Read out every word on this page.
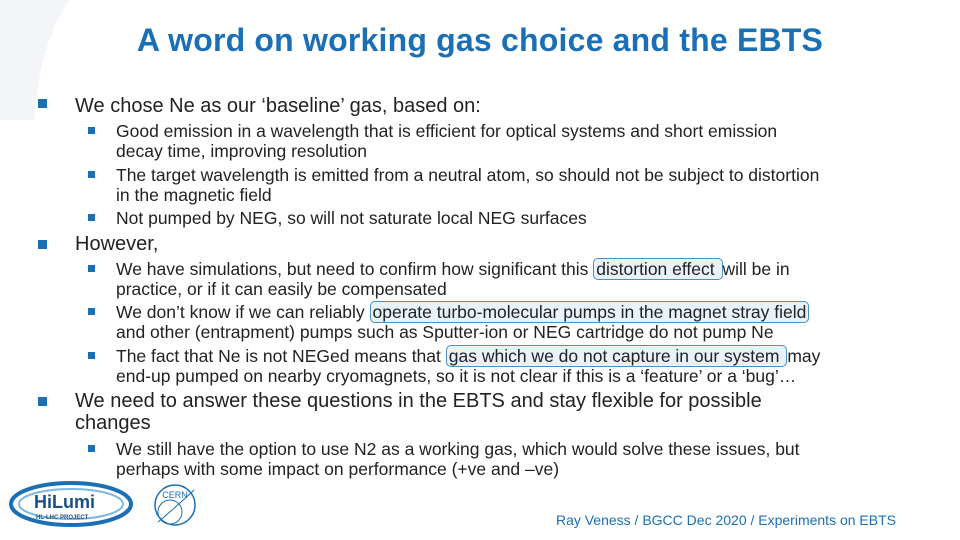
A word on working gas choice and the EBTS
We chose Ne as our ‘baseline’ gas, based on:
Good emission in a wavelength that is efficient for optical systems and short emission
decay time, improving resolution
The target wavelength is emitted from a neutral atom, so should not be subject to distortion
in the magnetic field
Not pumped by NEG, so will not saturate local NEG surfaces
However,
We have simulations, but need to confirm how significant this distortion effect will be in
practice, or if it can easily be compensated
We don’t know if we can reliably operate turbo-molecular pumps in the magnet stray field
and other (entrapment) pumps such as Sputter-ion or NEG cartridge do not pump Ne
The fact that Ne is not NEGed means that gas which we do not capture in our system may
end-up pumped on nearby cryomagnets, so it is not clear if this is a ‘feature’ or a ‘bug’…
We need to answer these questions in the EBTS and stay flexible for possible
changes
We still have the option to use N2 as a working gas, which would solve these issues, but
perhaps with some impact on performance (+ve and –ve)
HiLumi
HL-LHC PROJECT
CERN
Ray Veness / BGCC Dec 2020 / Experiments on EBTS
